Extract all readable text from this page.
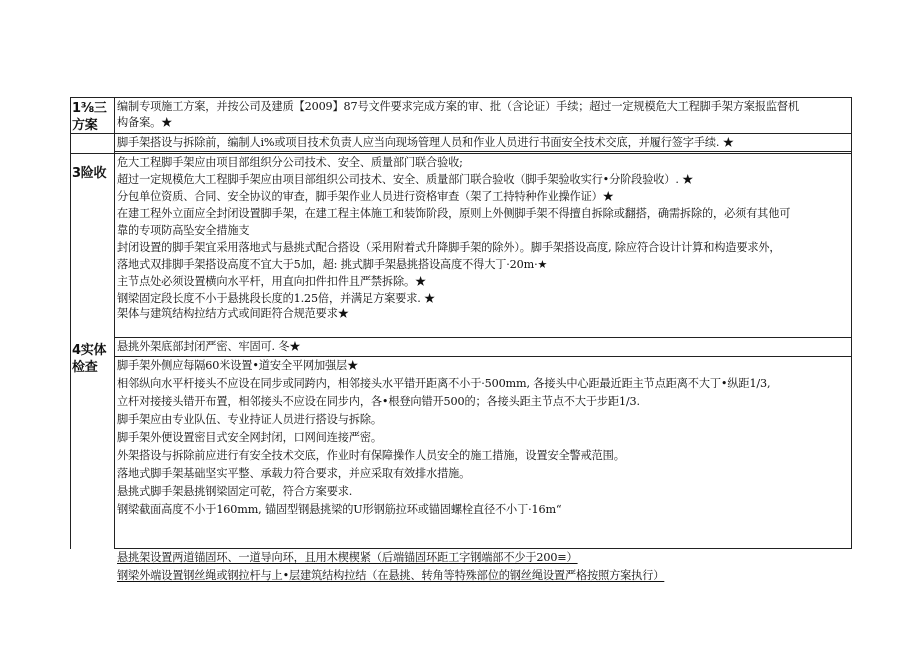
1⅜三
方案
3险收
4实体
检查
编制专项施工方案，并按公司及建质【2009】87号文件要求完成方案的审、批（含论证）手续；超过一定规模危大工程脚手架方案报监督机
构备案。★
脚手架搭设与拆除前，编制人i%或项目技术负责人应当向现场管理人员和作业人员进行书面安全技术交底，并履行签字手续. ★
危大工程脚手架应由项目部组织分公司技术、安全、质量部门联合验收;
超过一定规模危大工程脚手架应由项目部组织公司技术、安全、质量部门联合验收（脚手架验收实行•分阶段验收）. ★
分包单位资质、合同、安全协议的审查，脚手架作业人员进行资格审查（架了工持特种作业操作证）★
在建工程外立面应全封闭设置脚手架，在建工程主体施工和装饰阶段，原则上外侧脚手架不得擅自拆除或翻搭，确需拆除的，必须有其他可
靠的专项防高坠安全措施支
封闭设置的脚手架宜采用落地式与悬挑式配合搭设（采用附着式升降脚手架的除外）。脚手架搭设高度, 除应符合设计计算和构造要求外，
落地式双排脚手架搭设高度不宜大于5加，超: 挑式脚手架悬挑搭设高度不得大丁·20m·★
主节点处必须设置横向水平杆，用直向扣件扣件且严禁拆除。★
钢梁固定段长度不小于悬挑段长度的1.25倍，并满足方案要求. ★
架体与建筑结构拉结方式或间距符合规范要求★
悬挑外架底部封闭严密、牢固可. 冬★
脚手架外侧应每隔60米设置•道安全平网加强层★
相邻纵向水平杆接头不应设在同步或同跨内，相邻接头水平错开距离不小于·500mm, 各接头中心距最近距主节点距离不大丁•纵距1/3,
立杆对接接头错开布置，相邻接头不应设在同步内，各•根登向错开500的；各接头距主节点不大于步距1/3.
脚手架应由专业队伍、专业持证人员进行搭设与拆除。
脚手架外便设置密目式安全网封闭，口网间连接严密。
外架搭设与拆除前应进行有安全技术交底，作业时有保障操作人员安全的施工措施，设置安全警戒范围。
落地式脚手架基础坚实平整、承载力符合要求，并应采取有效排水措施。
悬挑式脚手架悬挑钢梁固定可乾，符合方案要求.
钢梁截面高度不小于160mm, 锚固型钢悬挑梁的U形钢筋拉环或锚固螺栓直径不小丁·16m“
悬挑架设置两道锚固环、一道导向环，且用木楔楔紧（后端锚固环距工字钢端部不少于200≡）
钢梁外端设置钢丝绳或钢拉杆与上•层建筑结构拉结（在悬挑、转角等特殊部位的钢丝绳设置严格按照方案执行）
